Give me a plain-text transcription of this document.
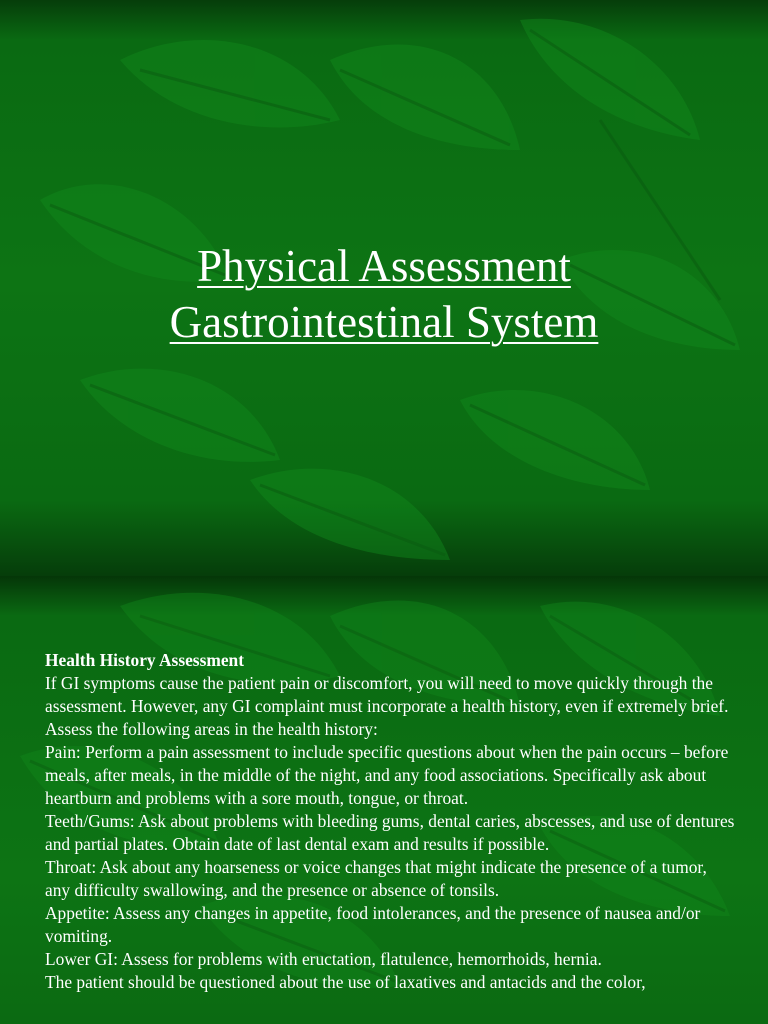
Physical Assessment
Gastrointestinal System

Health History Assessment

If GI symptoms cause the patient pain or discomfort, you will need to move quickly through the assessment. However, any GI complaint must incorporate a health history, even if extremely brief. Assess the following areas in the health history:

Pain: Perform a pain assessment to include specific questions about when the pain occurs – before meals, after meals, in the middle of the night, and any food associations. Specifically ask about heartburn and problems with a sore mouth, tongue, or throat.

Teeth/Gums: Ask about problems with bleeding gums, dental caries, abscesses, and use of dentures and partial plates. Obtain date of last dental exam and results if possible.

Throat: Ask about any hoarseness or voice changes that might indicate the presence of a tumor, any difficulty swallowing, and the presence or absence of tonsils.

Appetite: Assess any changes in appetite, food intolerances, and the presence of nausea and/or vomiting.

Lower GI: Assess for problems with eructation, flatulence, hemorrhoids, hernia.

The patient should be questioned about the use of laxatives and antacids and the color,
